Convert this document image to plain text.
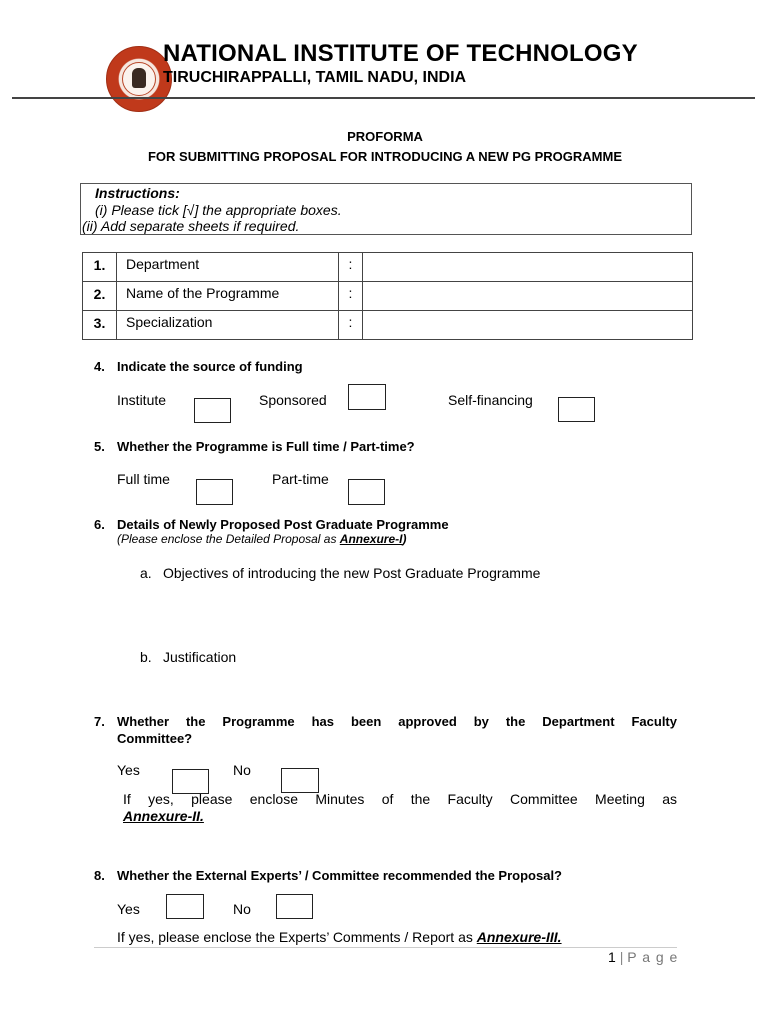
NATIONAL INSTITUTE OF TECHNOLOGY
TIRUCHIRAPPALLI, TAMIL NADU, INDIA
PROFORMA
FOR SUBMITTING PROPOSAL FOR INTRODUCING A NEW PG PROGRAMME
Instructions:
(i) Please tick [√] the appropriate boxes.
(ii) Add separate sheets if required.
1.	Department	:	
2.	Name of the Programme	:	
3.	Specialization	:	
4. Indicate the source of funding
Institute	Sponsored	Self-financing
5. Whether the Programme is Full time / Part-time?
Full time	Part-time
6. Details of Newly Proposed Post Graduate Programme
(Please enclose the Detailed Proposal as Annexure-I)
a. Objectives of introducing the new Post Graduate Programme
b. Justification
7. Whether the Programme has been approved by the Department Faculty
Committee?
Yes	No
If yes, please enclose Minutes of the Faculty Committee Meeting as
Annexure-II.
8. Whether the External Experts’ / Committee recommended the Proposal?
Yes	No
If yes, please enclose the Experts’ Comments / Report as Annexure-III.
1 | P a g e
